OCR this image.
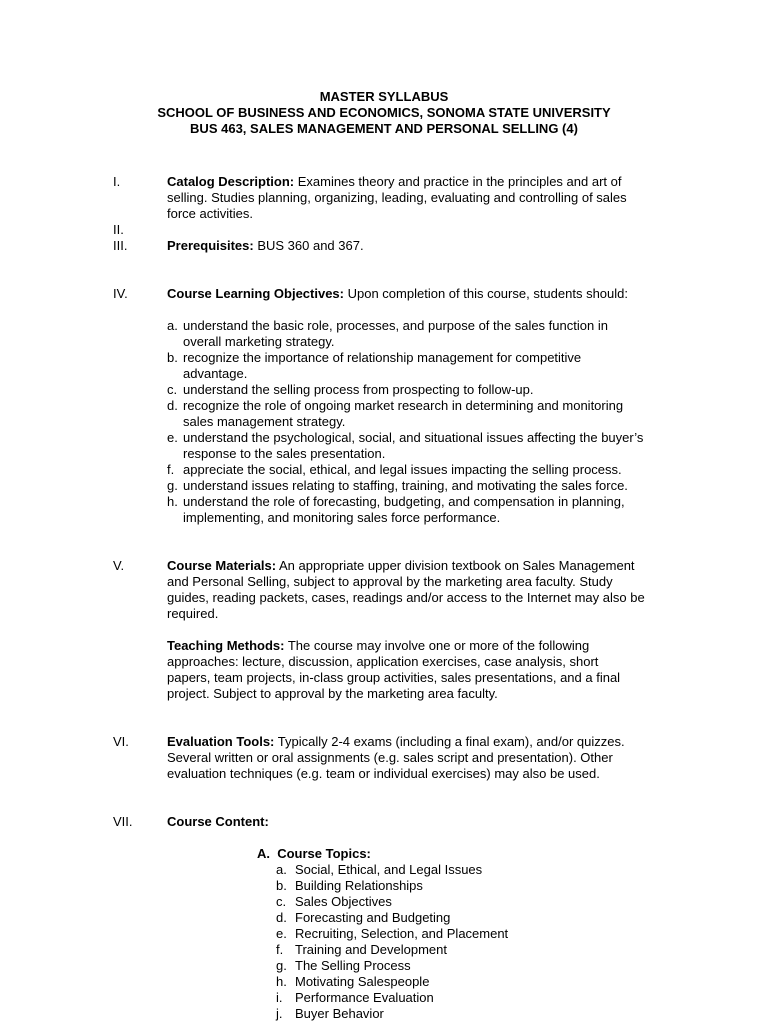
MASTER SYLLABUS
SCHOOL OF BUSINESS AND ECONOMICS, SONOMA STATE UNIVERSITY
BUS 463, SALES MANAGEMENT AND PERSONAL SELLING (4)
I.	Catalog Description: Examines theory and practice in the principles and art of selling. Studies planning, organizing, leading, evaluating and controlling of sales force activities.
II.
III.	Prerequisites: BUS 360 and 367.
IV.	Course Learning Objectives: Upon completion of this course, students should:
a. understand the basic role, processes, and purpose of the sales function in overall marketing strategy.
b. recognize the importance of relationship management for competitive advantage.
c. understand the selling process from prospecting to follow-up.
d. recognize the role of ongoing market research in determining and monitoring sales management strategy.
e. understand the psychological, social, and situational issues affecting the buyer’s response to the sales presentation.
f. appreciate the social, ethical, and legal issues impacting the selling process.
g. understand issues relating to staffing, training, and motivating the sales force.
h. understand the role of forecasting, budgeting, and compensation in planning, implementing, and monitoring sales force performance.
V.	Course Materials: An appropriate upper division textbook on Sales Management and Personal Selling, subject to approval by the marketing area faculty. Study guides, reading packets, cases, readings and/or access to the Internet may also be required.
Teaching Methods: The course may involve one or more of the following approaches: lecture, discussion, application exercises, case analysis, short papers, team projects, in-class group activities, sales presentations, and a final project. Subject to approval by the marketing area faculty.
VI.	Evaluation Tools: Typically 2-4 exams (including a final exam), and/or quizzes. Several written or oral assignments (e.g. sales script and presentation). Other evaluation techniques (e.g. team or individual exercises) may also be used.
VII.	Course Content:
A.  Course Topics:
a. Social, Ethical, and Legal Issues
b. Building Relationships
c. Sales Objectives
d. Forecasting and Budgeting
e. Recruiting, Selection, and Placement
f. Training and Development
g. The Selling Process
h. Motivating Salespeople
i. Performance Evaluation
j. Buyer Behavior
